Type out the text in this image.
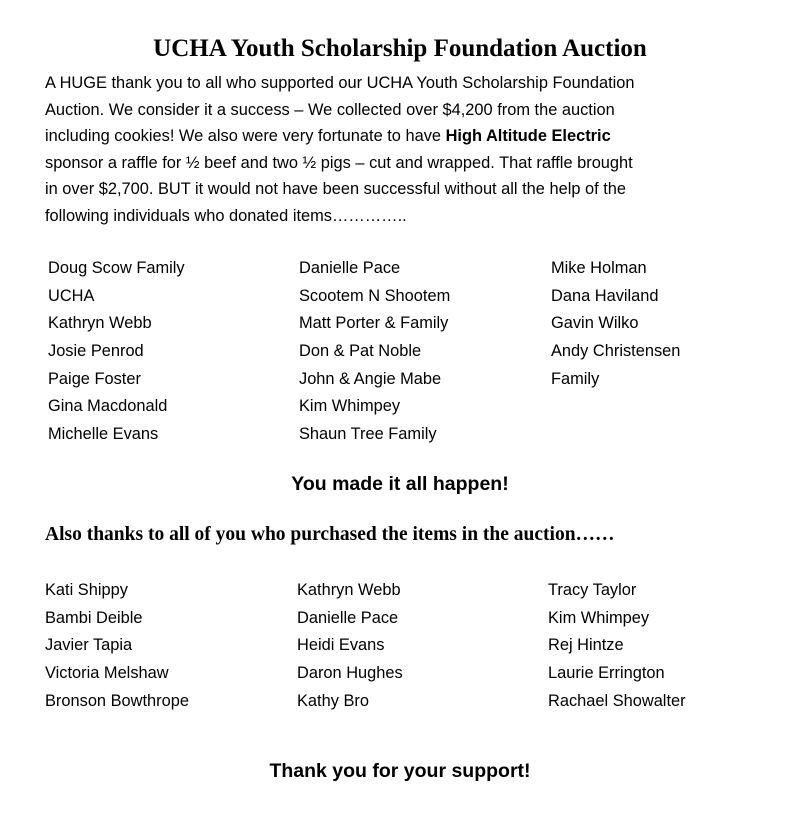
UCHA Youth Scholarship Foundation Auction
A HUGE thank you to all who supported our UCHA Youth Scholarship Foundation
Auction. We consider it a success – We collected over $4,200 from the auction
including cookies! We also were very fortunate to have High Altitude Electric
sponsor a raffle for ½ beef and two ½ pigs – cut and wrapped. That raffle brought
in over $2,700. BUT it would not have been successful without all the help of the
following individuals who donated items…………..
Doug Scow Family
UCHA
Kathryn Webb
Josie Penrod
Paige Foster
Gina Macdonald
Michelle Evans
Danielle Pace
Scootem N Shootem
Matt Porter & Family
Don & Pat Noble
John & Angie Mabe
Kim Whimpey
Shaun Tree Family
Mike Holman
Dana Haviland
Gavin Wilko
Andy Christensen
Family
You made it all happen!
Also thanks to all of you who purchased the items in the auction……
Kati Shippy
Bambi Deible
Javier Tapia
Victoria Melshaw
Bronson Bowthrope
Kathryn Webb
Danielle Pace
Heidi Evans
Daron Hughes
Kathy Bro
Tracy Taylor
Kim Whimpey
Rej Hintze
Laurie Errington
Rachael Showalter
Thank you for your support!
